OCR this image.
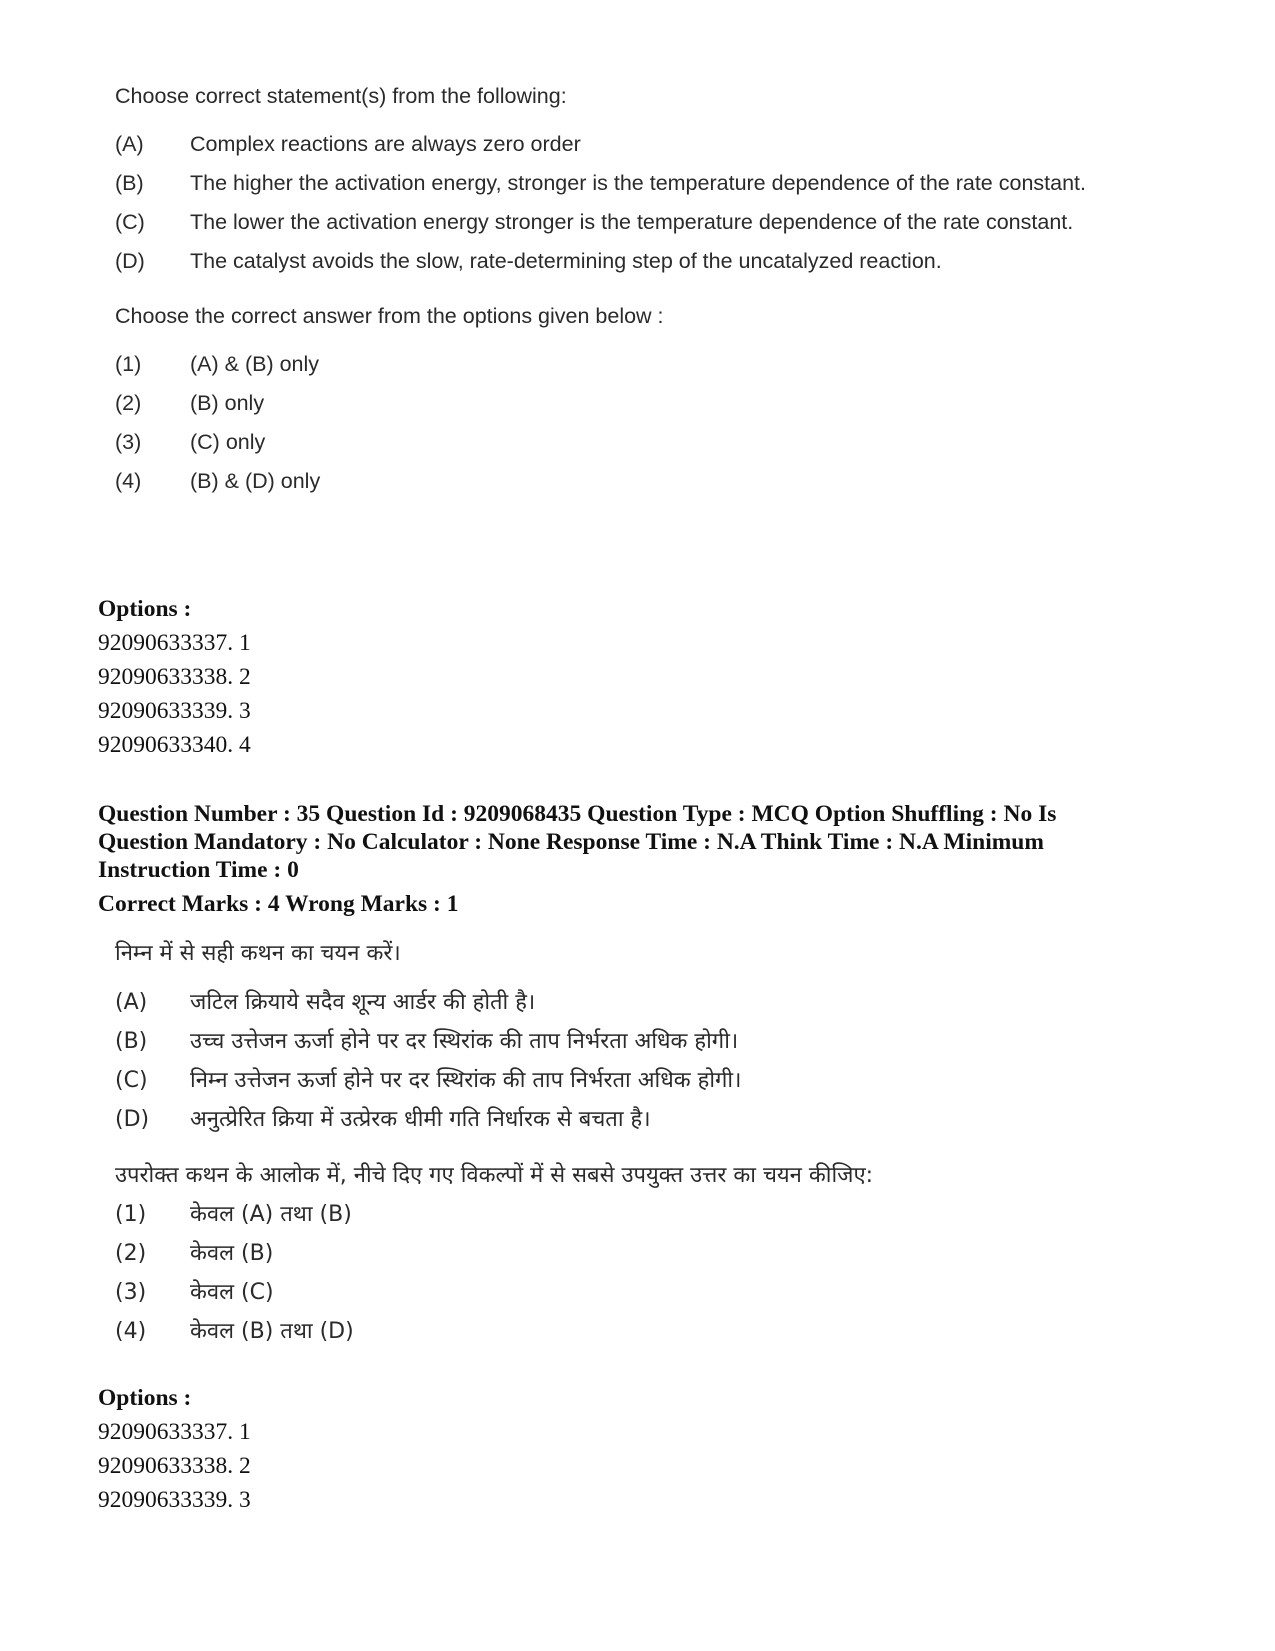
Choose correct statement(s) from the following:

(A)	Complex reactions are always zero order
(B)	The higher the activation energy, stronger is the temperature dependence of the rate constant.
(C)	The lower the activation energy stronger is the temperature dependence of the rate constant.
(D)	The catalyst avoids the slow, rate-determining step of the uncatalyzed reaction.

Choose the correct answer from the options given below :

(1)	(A) & (B) only
(2)	(B) only
(3)	(C) only
(4)	(B) & (D) only
Options :
92090633337. 1
92090633338. 2
92090633339. 3
92090633340. 4
Question Number : 35 Question Id : 9209068435 Question Type : MCQ Option Shuffling : No Is
Question Mandatory : No Calculator : None Response Time : N.A Think Time : N.A Minimum
Instruction Time : 0
Correct Marks : 4 Wrong Marks : 1

निम्न में से सही कथन का चयन करें।

(A)	जटिल क्रियाये सदैव शून्य आर्डर की होती है।
(B)	उच्च उत्तेजन ऊर्जा होने पर दर स्थिरांक की ताप निर्भरता अधिक होगी।
(C)	निम्न उत्तेजन ऊर्जा होने पर दर स्थिरांक की ताप निर्भरता अधिक होगी।
(D)	अनुत्प्रेरित क्रिया में उत्प्रेरक धीमी गति निर्धारक से बचता है।

उपरोक्त कथन के आलोक में, नीचे दिए गए विकल्पों में से सबसे उपयुक्त उत्तर का चयन कीजिए:

(1)	केवल (A) तथा (B)
(2)	केवल (B)
(3)	केवल (C)
(4)	केवल (B) तथा (D)
Options :
92090633337. 1
92090633338. 2
92090633339. 3
